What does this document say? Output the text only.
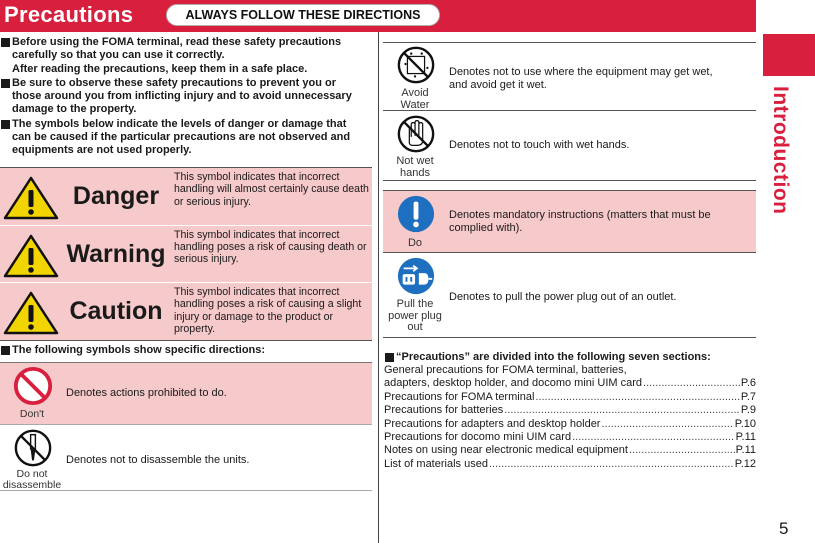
Precautions	ALWAYS FOLLOW THESE DIRECTIONS
Introduction
5

Before using the FOMA terminal, read these safety precautions

carefully so that you can use it correctly.

After reading the precautions, keep them in a safe place.

Be sure to observe these safety precautions to prevent you or

those around you from inflicting injury and to avoid unnecessary

damage to the property.

The symbols below indicate the levels of danger or damage that

can be caused if the particular precautions are not observed and

equipments are not used properly.

Danger
This symbol indicates that incorrect handling will almost certainly cause death or serious injury.
Warning
This symbol indicates that incorrect handling poses a risk of causing death or serious injury.
Caution
This symbol indicates that incorrect handling poses a risk of causing a slight injury or damage to the product or property.
The following symbols show specific directions:
Don't
Denotes actions prohibited to do.
Do not
disassemble
Denotes not to disassemble the units.
Avoid
Water
Denotes not to use where the equipment may get wet,
and avoid get it wet.
Not wet
hands
Denotes not to touch with wet hands.
Do
Denotes mandatory instructions (matters that must be
complied with).
Pull the
power plug
out
Denotes to pull the power plug out of an outlet.
“Precautions” are divided into the following seven sections:
General precautions for FOMA terminal, batteries,
adapters, desktop holder, and docomo mini UIM card .....	P.6
Precautions for FOMA terminal .....	P.7
Precautions for batteries .....	P.9
Precautions for adapters and desktop holder .....	P.10
Precautions for docomo mini UIM card .....	P.11
Notes on using near electronic medical equipment .....	P.11
List of materials used .....	P.12
